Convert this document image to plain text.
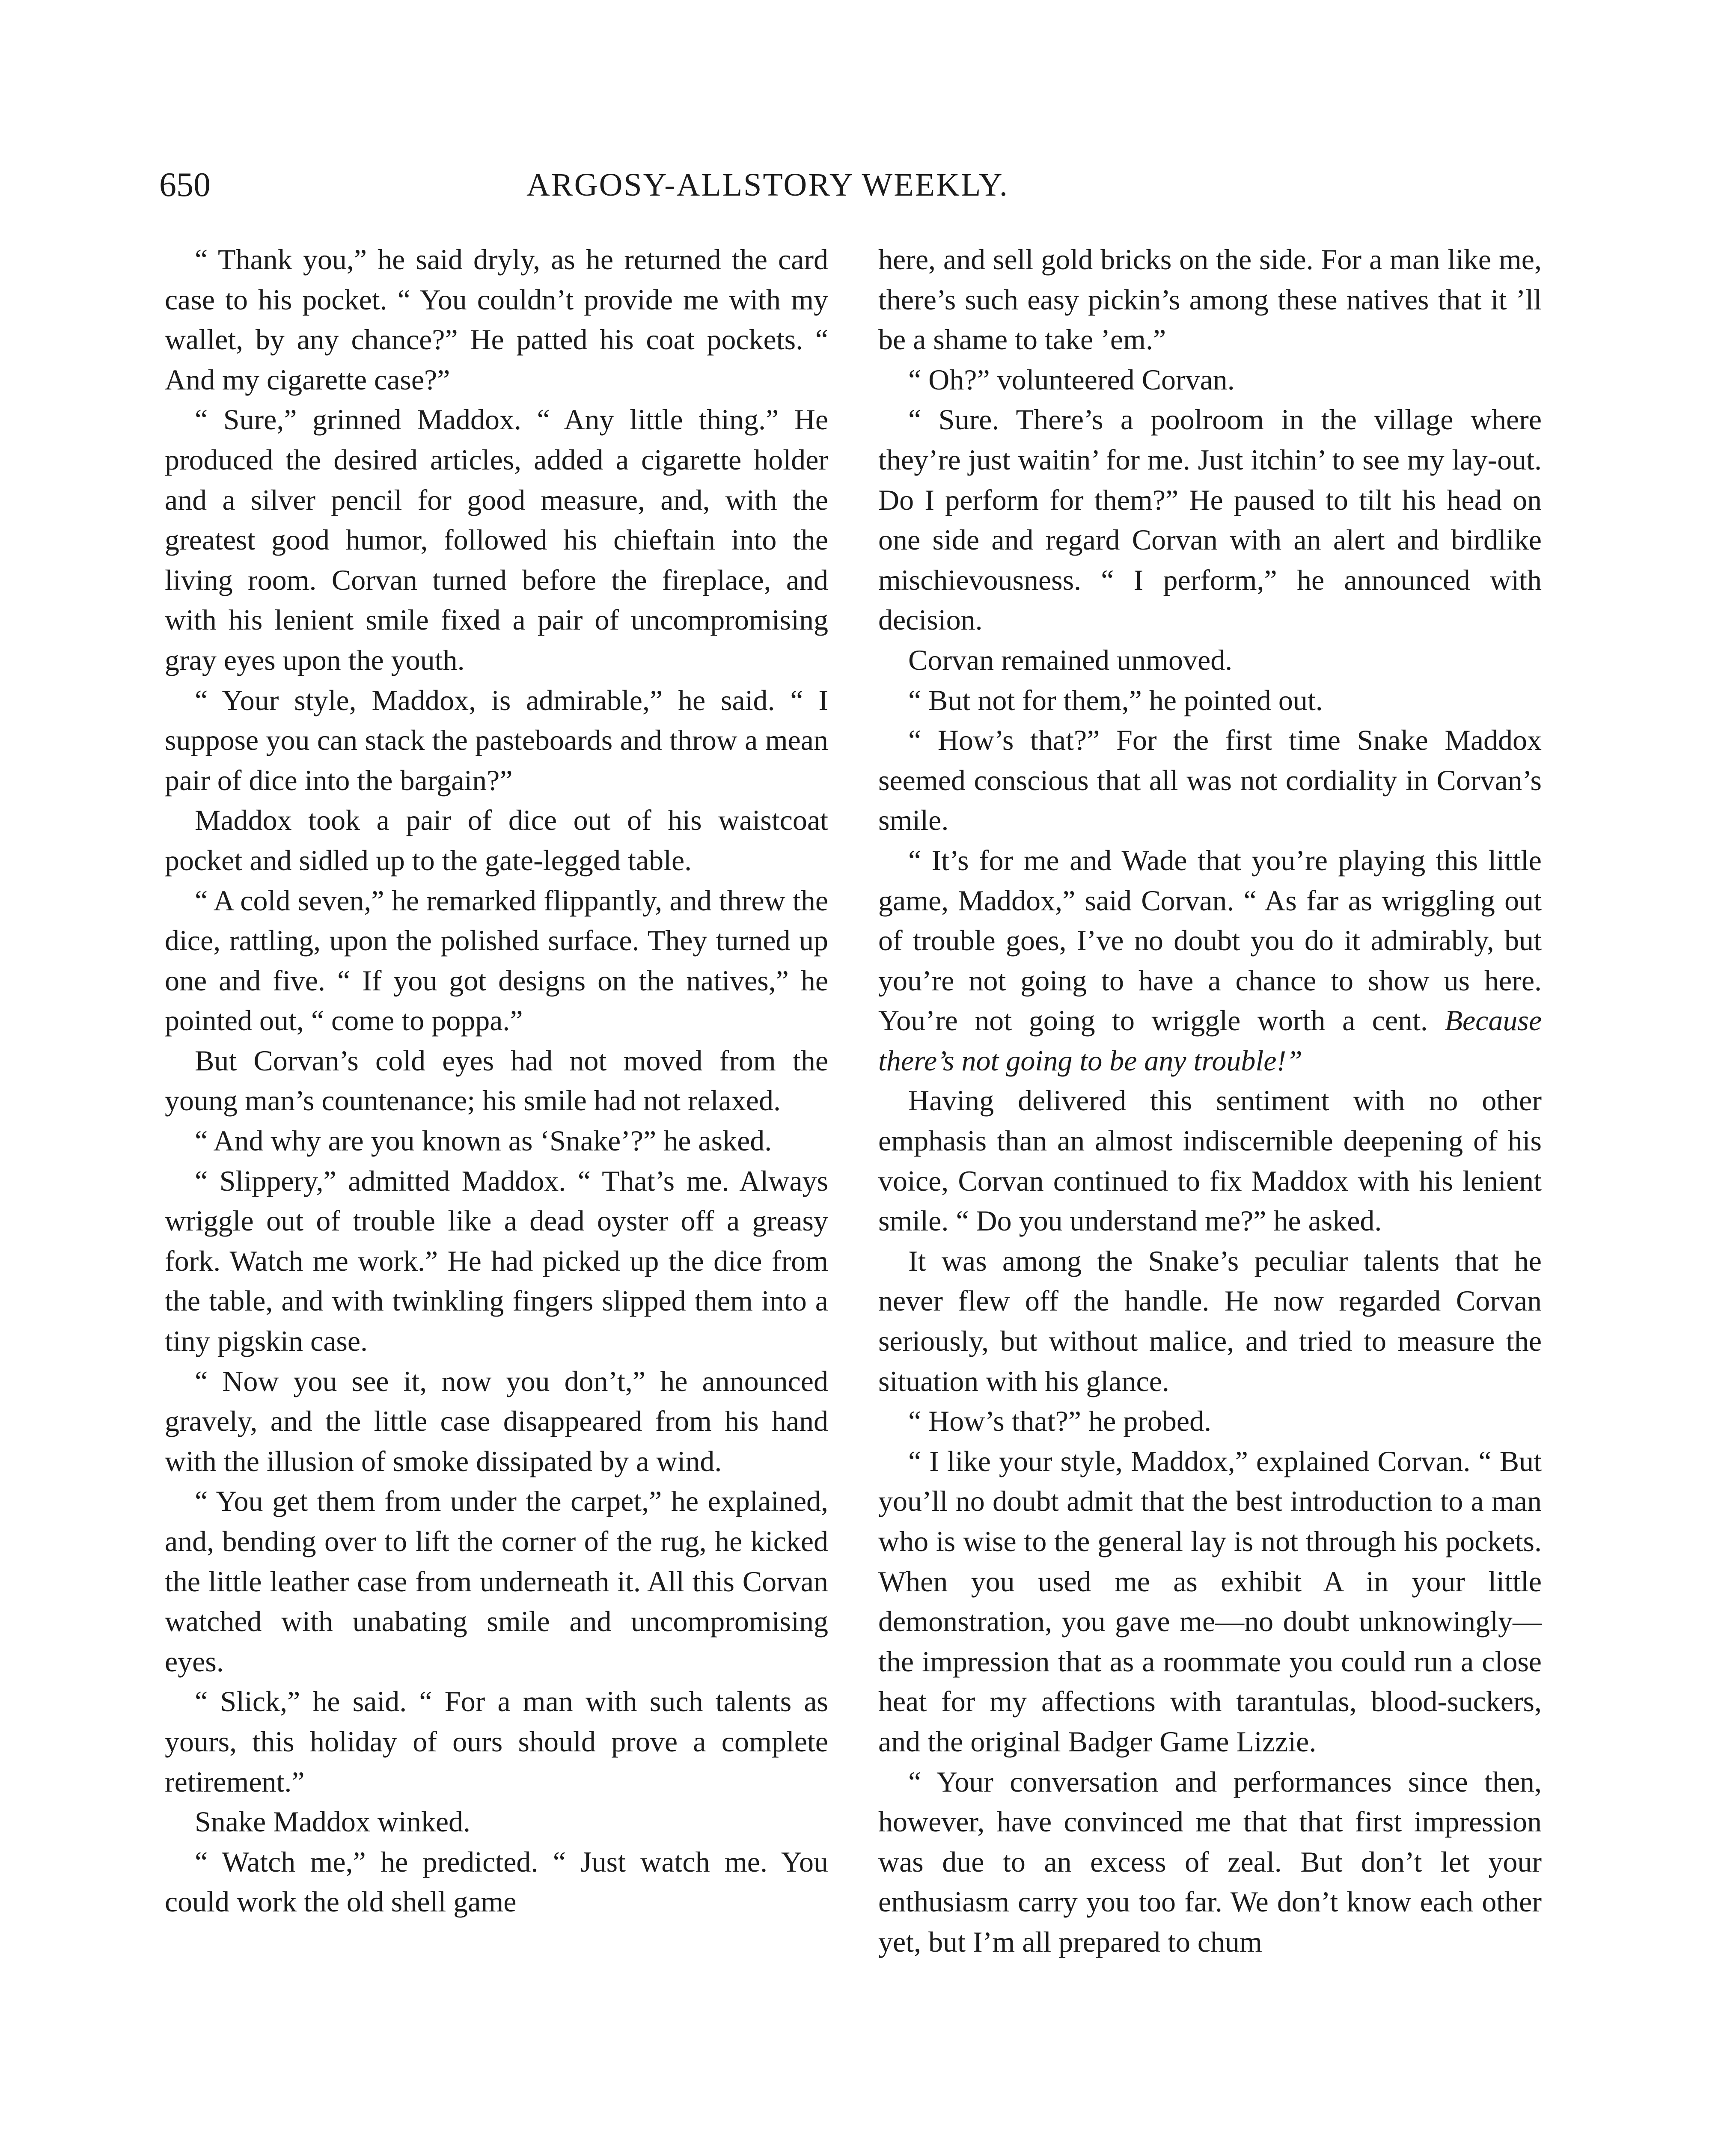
650	ARGOSY-ALLSTORY WEEKLY.

“ Thank you,” he said dryly, as he returned the card case to his pocket. “ You couldn’t provide me with my wallet, by any chance?” He patted his coat pockets. “ And my cigarette case?”

“ Sure,” grinned Maddox. “ Any little thing.” He produced the desired articles, added a cigarette holder and a silver pencil for good measure, and, with the greatest good humor, followed his chieftain into the living room. Corvan turned before the fireplace, and with his lenient smile fixed a pair of uncompromising gray eyes upon the youth.

“ Your style, Maddox, is admirable,” he said. “ I suppose you can stack the pasteboards and throw a mean pair of dice into the bargain?”

Maddox took a pair of dice out of his waistcoat pocket and sidled up to the gate-legged table.

“ A cold seven,” he remarked flippantly, and threw the dice, rattling, upon the polished surface. They turned up one and five. “ If you got designs on the natives,” he pointed out, “ come to poppa.”

But Corvan’s cold eyes had not moved from the young man’s countenance; his smile had not relaxed.

“ And why are you known as ‘Snake’?” he asked.

“ Slippery,” admitted Maddox. “ That’s me. Always wriggle out of trouble like a dead oyster off a greasy fork. Watch me work.” He had picked up the dice from the table, and with twinkling fingers slipped them into a tiny pigskin case.

“ Now you see it, now you don’t,” he announced gravely, and the little case disappeared from his hand with the illusion of smoke dissipated by a wind.

“ You get them from under the carpet,” he explained, and, bending over to lift the corner of the rug, he kicked the little leather case from underneath it. All this Corvan watched with unabating smile and uncompromising eyes.

“ Slick,” he said. “ For a man with such talents as yours, this holiday of ours should prove a complete retirement.”

Snake Maddox winked.

“ Watch me,” he predicted. “ Just watch me. You could work the old shell game

here, and sell gold bricks on the side. For a man like me, there’s such easy pickin’s among these natives that it ’ll be a shame to take ’em.”

“ Oh?” volunteered Corvan.

“ Sure. There’s a poolroom in the village where they’re just waitin’ for me. Just itchin’ to see my lay-out. Do I perform for them?” He paused to tilt his head on one side and regard Corvan with an alert and birdlike mischievousness. “ I perform,” he announced with decision.

Corvan remained unmoved.

“ But not for them,” he pointed out.

“ How’s that?” For the first time Snake Maddox seemed conscious that all was not cordiality in Corvan’s smile.

“ It’s for me and Wade that you’re playing this little game, Maddox,” said Corvan. “ As far as wriggling out of trouble goes, I’ve no doubt you do it admirably, but you’re not going to have a chance to show us here. You’re not going to wriggle worth a cent. Because there’s not going to be any trouble!”

Having delivered this sentiment with no other emphasis than an almost indiscernible deepening of his voice, Corvan continued to fix Maddox with his lenient smile. “ Do you understand me?” he asked.

It was among the Snake’s peculiar talents that he never flew off the handle. He now regarded Corvan seriously, but without malice, and tried to measure the situation with his glance.

“ How’s that?” he probed.

“ I like your style, Maddox,” explained Corvan. “ But you’ll no doubt admit that the best introduction to a man who is wise to the general lay is not through his pockets. When you used me as exhibit A in your little demonstration, you gave me—no doubt unknowingly—the impression that as a roommate you could run a close heat for my affections with tarantulas, blood-suckers, and the original Badger Game Lizzie.

“ Your conversation and performances since then, however, have convinced me that that first impression was due to an excess of zeal. But don’t let your enthusiasm carry you too far. We don’t know each other yet, but I’m all prepared to chum
